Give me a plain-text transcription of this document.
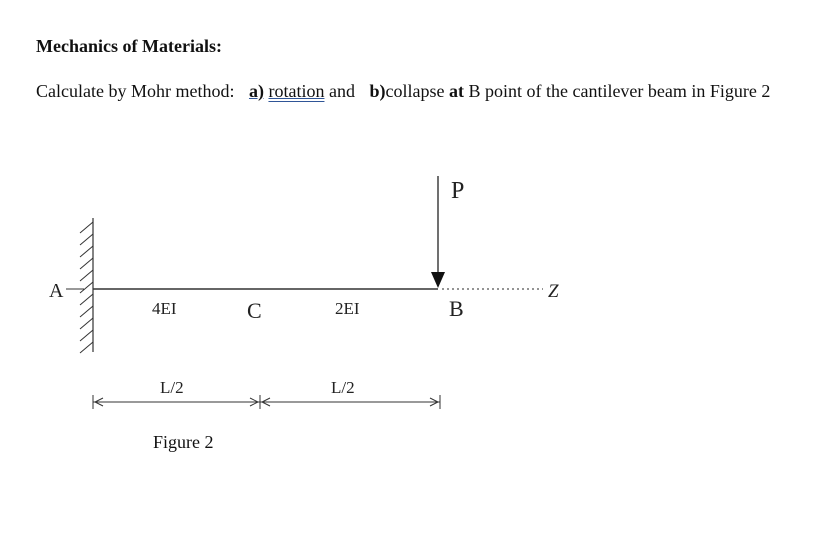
Mechanics of Materials:
Calculate by Mohr method: a) rotation and b)collapse at B point of the cantilever beam in Figure 2
A	Z
P
4EI	C	2EI	B
L/2	L/2
Figure 2
